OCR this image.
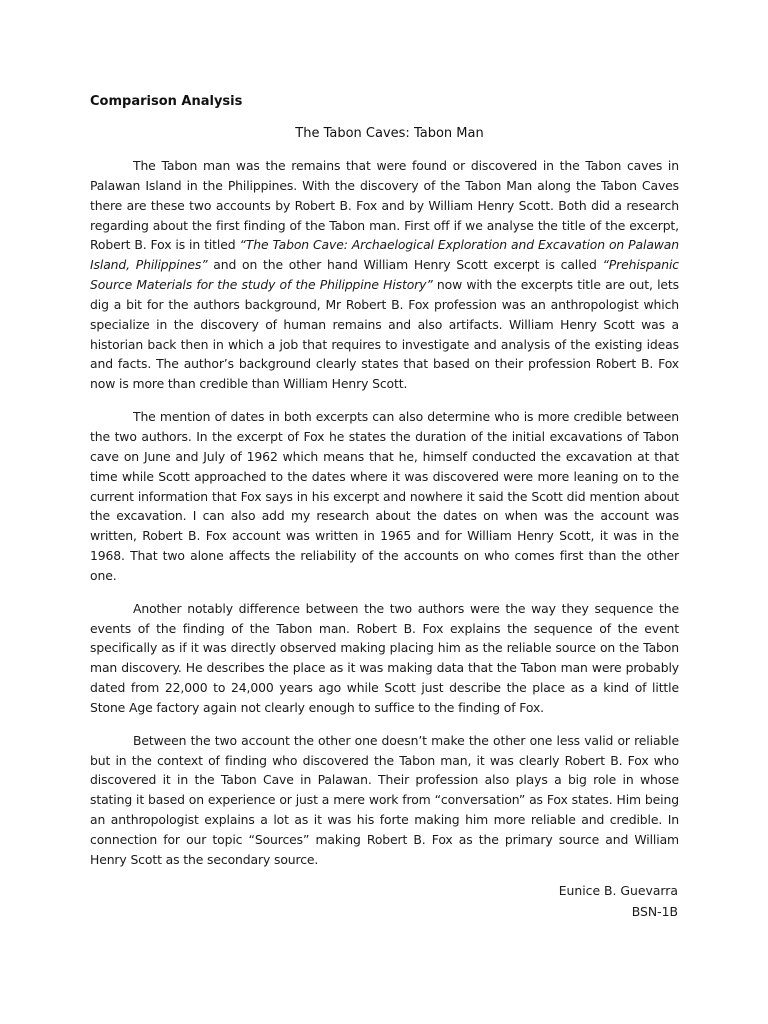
Comparison Analysis

The Tabon Caves: Tabon Man

The Tabon man was the remains that were found or discovered in the Tabon caves in Palawan Island in the Philippines. With the discovery of the Tabon Man along the Tabon Caves there are these two accounts by Robert B. Fox and by William Henry Scott. Both did a research regarding about the first finding of the Tabon man. First off if we analyse the title of the excerpt, Robert B. Fox is in titled “The Tabon Cave: Archaelogical Exploration and Excavation on Palawan Island, Philippines” and on the other hand William Henry Scott excerpt is called “Prehispanic Source Materials for the study of the Philippine History” now with the excerpts title are out, lets dig a bit for the authors background, Mr Robert B. Fox profession was an anthropologist which specialize in the discovery of human remains and also artifacts. William Henry Scott was a historian back then in which a job that requires to investigate and analysis of the existing ideas and facts. The author’s background clearly states that based on their profession Robert B. Fox now is more than credible than William Henry Scott.

The mention of dates in both excerpts can also determine who is more credible between the two authors. In the excerpt of Fox he states the duration of the initial excavations of Tabon cave on June and July of 1962 which means that he, himself conducted the excavation at that time while Scott approached to the dates where it was discovered were more leaning on to the current information that Fox says in his excerpt and nowhere it said the Scott did mention about the excavation. I can also add my research about the dates on when was the account was written, Robert B. Fox account was written in 1965 and for William Henry Scott, it was in the 1968. That two alone affects the reliability of the accounts on who comes first than the other one.

Another notably difference between the two authors were the way they sequence the events of the finding of the Tabon man. Robert B. Fox explains the sequence of the event specifically as if it was directly observed making placing him as the reliable source on the Tabon man discovery. He describes the place as it was making data that the Tabon man were probably dated from 22,000 to 24,000 years ago while Scott just describe the place as a kind of little Stone Age factory again not clearly enough to suffice to the finding of Fox.

Between the two account the other one doesn’t make the other one less valid or reliable but in the context of finding who discovered the Tabon man, it was clearly Robert B. Fox who discovered it in the Tabon Cave in Palawan. Their profession also plays a big role in whose stating it based on experience or just a mere work from “conversation” as Fox states. Him being an anthropologist explains a lot as it was his forte making him more reliable and credible. In connection for our topic “Sources” making Robert B. Fox as the primary source and William Henry Scott as the secondary source.

Eunice B. Guevarra
BSN-1B
